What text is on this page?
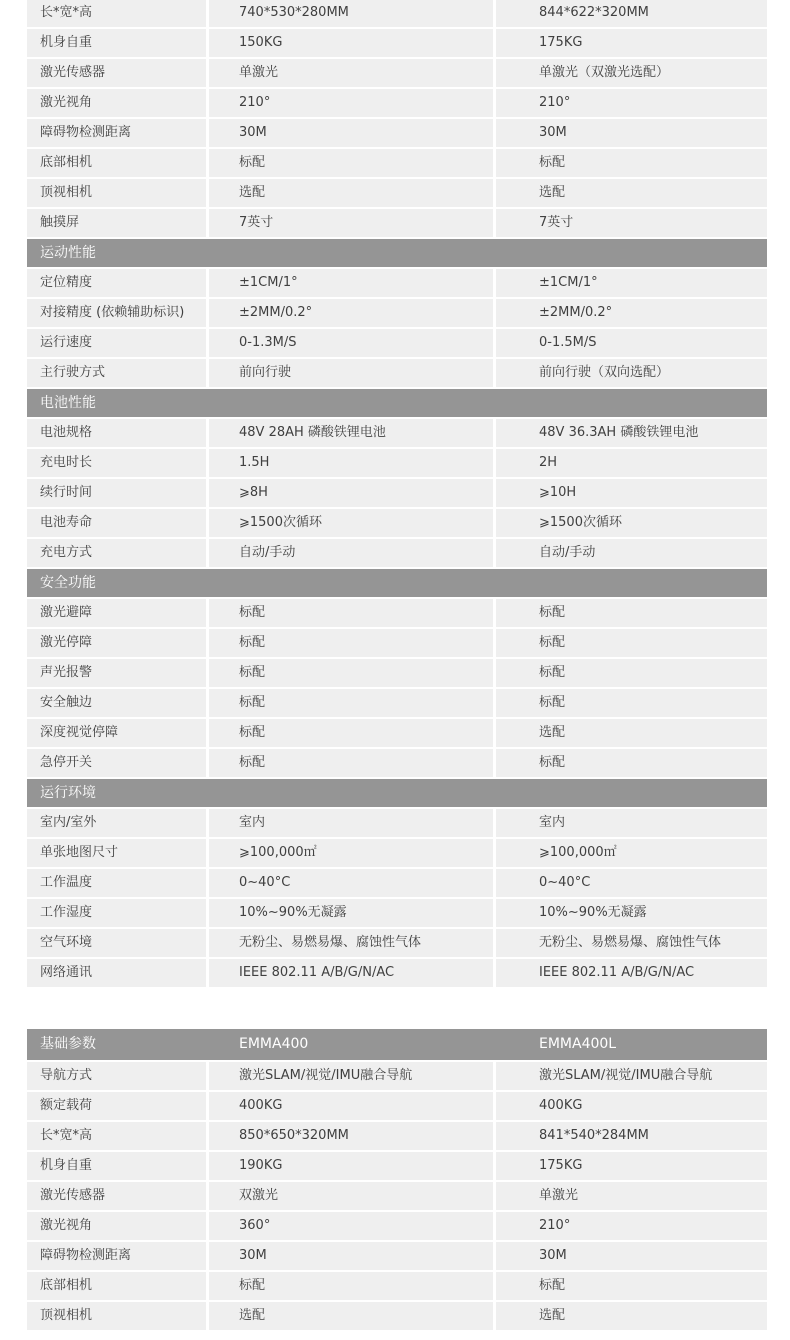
长*宽*高	740*530*280MM	844*622*320MM
机身自重	150KG	175KG
激光传感器	单激光	单激光（双激光选配）
激光视角	210°	210°
障碍物检测距离	30M	30M
底部相机	标配	标配
顶视相机	选配	选配
触摸屏	7英寸	7英寸
运动性能
定位精度	±1CM/1°	±1CM/1°
对接精度 (依赖辅助标识)	±2MM/0.2°	±2MM/0.2°
运行速度	0-1.3M/S	0-1.5M/S
主行驶方式	前向行驶	前向行驶（双向选配）
电池性能
电池规格	48V 28AH 磷酸铁锂电池	48V 36.3AH 磷酸铁锂电池
充电时长	1.5H	2H
续行时间	⩾8H	⩾10H
电池寿命	⩾1500次循环	⩾1500次循环
充电方式	自动/手动	自动/手动
安全功能
激光避障	标配	标配
激光停障	标配	标配
声光报警	标配	标配
安全触边	标配	标配
深度视觉停障	标配	选配
急停开关	标配	标配
运行环境
室内/室外	室内	室内
单张地图尺寸	⩾100,000㎡	⩾100,000㎡
工作温度	0~40°C	0~40°C
工作湿度	10%~90%无凝露	10%~90%无凝露
空气环境	无粉尘、易燃易爆、腐蚀性气体	无粉尘、易燃易爆、腐蚀性气体
网络通讯	IEEE 802.11 A/B/G/N/AC	IEEE 802.11 A/B/G/N/AC
基础参数	EMMA400	EMMA400L
导航方式	激光SLAM/视觉/IMU融合导航	激光SLAM/视觉/IMU融合导航
额定载荷	400KG	400KG
长*宽*高	850*650*320MM	841*540*284MM
机身自重	190KG	175KG
激光传感器	双激光	单激光
激光视角	360°	210°
障碍物检测距离	30M	30M
底部相机	标配	标配
顶视相机	选配	选配
